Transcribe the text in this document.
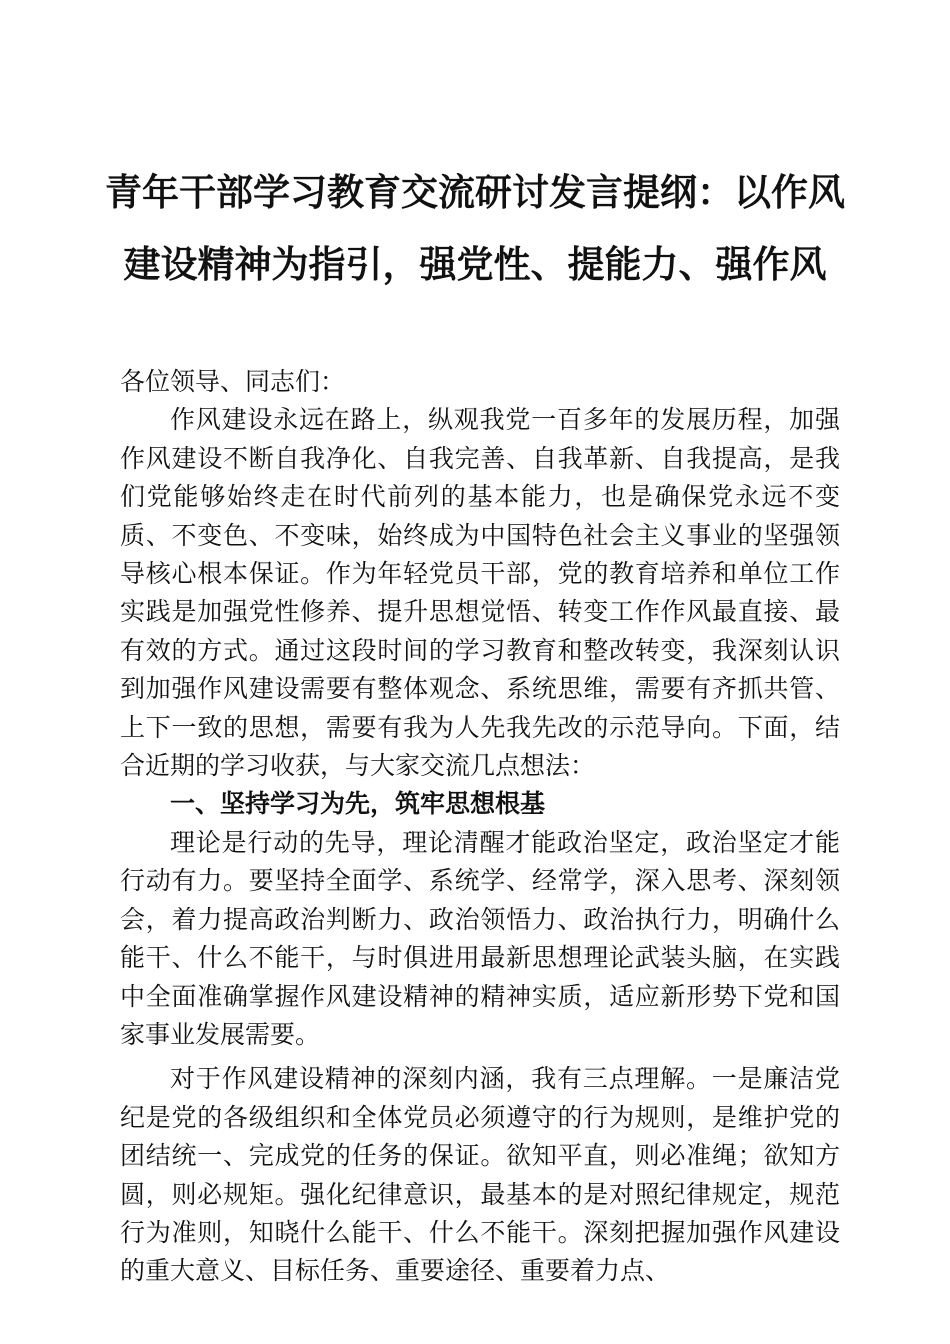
青年干部学习教育交流研讨发言提纲：以作风
建设精神为指引，强党性、提能力、强作风

各位领导、同志们：

作风建设永远在路上，纵观我党一百多年的发展历程，加强作风建设不断自我净化、自我完善、自我革新、自我提高，是我们党能够始终走在时代前列的基本能力，也是确保党永远不变质、不变色、不变味，始终成为中国特色社会主义事业的坚强领导核心根本保证。作为年轻党员干部，党的教育培养和单位工作实践是加强党性修养、提升思想觉悟、转变工作作风最直接、最有效的方式。通过这段时间的学习教育和整改转变，我深刻认识到加强作风建设需要有整体观念、系统思维，需要有齐抓共管、上下一致的思想，需要有我为人先我先改的示范导向。下面，结合近期的学习收获，与大家交流几点想法：

一、坚持学习为先，筑牢思想根基

理论是行动的先导，理论清醒才能政治坚定，政治坚定才能行动有力。要坚持全面学、系统学、经常学，深入思考、深刻领会，着力提高政治判断力、政治领悟力、政治执行力，明确什么能干、什么不能干，与时俱进用最新思想理论武装头脑，在实践中全面准确掌握作风建设精神的精神实质，适应新形势下党和国家事业发展需要。

对于作风建设精神的深刻内涵，我有三点理解。一是廉洁党纪是党的各级组织和全体党员必须遵守的行为规则，是维护党的团结统一、完成党的任务的保证。欲知平直，则必准绳；欲知方圆，则必规矩。强化纪律意识，最基本的是对照纪律规定，规范行为准则，知晓什么能干、什么不能干。深刻把握加强作风建设的重大意义、目标任务、重要途径、重要着力点、
